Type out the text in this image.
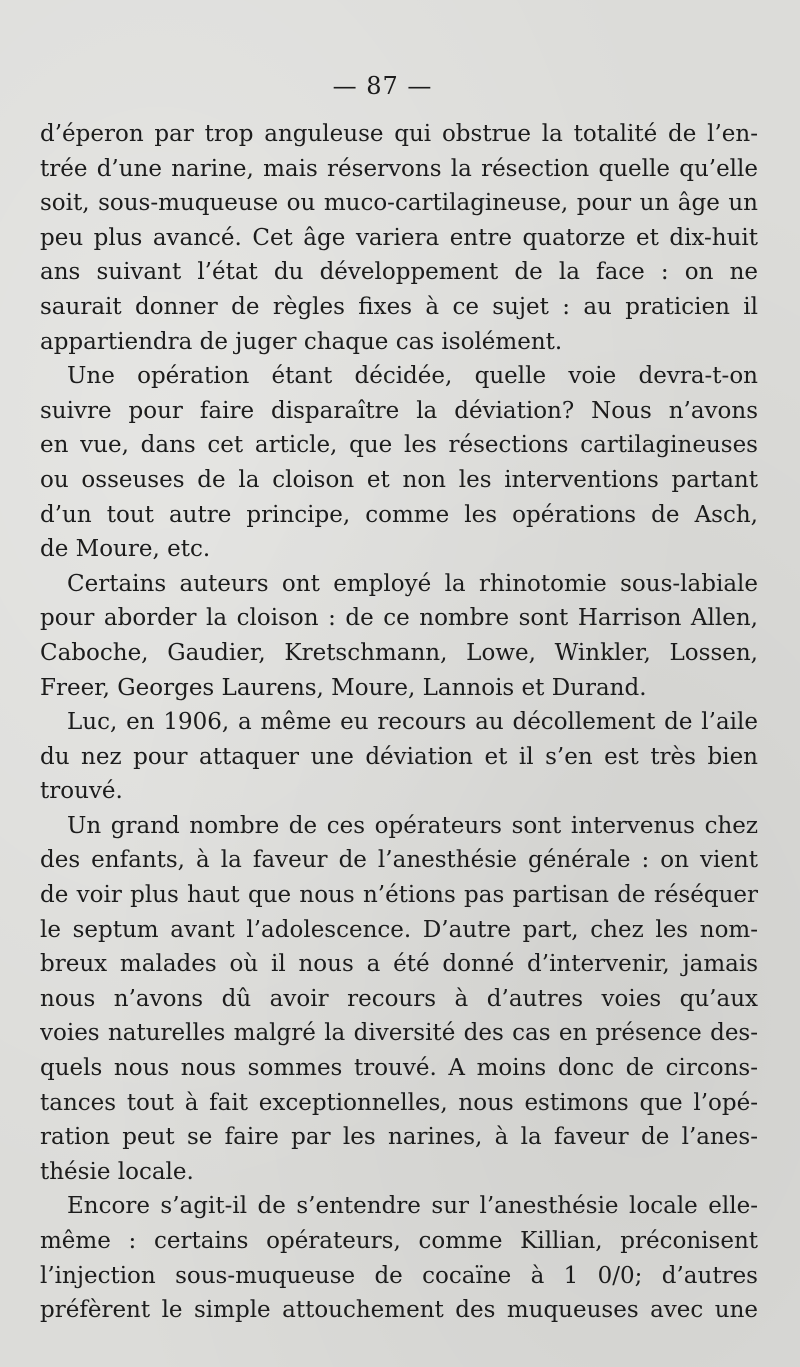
— 87 —
d’éperon par trop anguleuse qui obstrue la totalité de l’en-
trée d’une narine, mais réservons la résection quelle qu’elle
soit, sous-muqueuse ou muco-cartilagineuse, pour un âge un
peu plus avancé. Cet âge variera entre quatorze et dix-huit
ans suivant l’état du développement de la face : on ne
saurait donner de règles fixes à ce sujet : au praticien il
appartiendra de juger chaque cas isolément.
Une opération étant décidée, quelle voie devra-t-on
suivre pour faire disparaître la déviation? Nous n’avons
en vue, dans cet article, que les résections cartilagineuses
ou osseuses de la cloison et non les interventions partant
d’un tout autre principe, comme les opérations de Asch,
de Moure, etc.
Certains auteurs ont employé la rhinotomie sous-labiale
pour aborder la cloison : de ce nombre sont Harrison Allen,
Caboche, Gaudier, Kretschmann, Lowe, Winkler, Lossen,
Freer, Georges Laurens, Moure, Lannois et Durand.
Luc, en 1906, a même eu recours au décollement de l’aile
du nez pour attaquer une déviation et il s’en est très bien
trouvé.
Un grand nombre de ces opérateurs sont intervenus chez
des enfants, à la faveur de l’anesthésie générale : on vient
de voir plus haut que nous n’étions pas partisan de réséquer
le septum avant l’adolescence. D’autre part, chez les nom-
breux malades où il nous a été donné d’intervenir, jamais
nous n’avons dû avoir recours à d’autres voies qu’aux
voies naturelles malgré la diversité des cas en présence des-
quels nous nous sommes trouvé. A moins donc de circons-
tances tout à fait exceptionnelles, nous estimons que l’opé-
ration peut se faire par les narines, à la faveur de l’anes-
thésie locale.
Encore s’agit-il de s’entendre sur l’anesthésie locale elle-
même : certains opérateurs, comme Killian, préconisent
l’injection sous-muqueuse de cocaïne à 1 0/0; d’autres
préfèrent le simple attouchement des muqueuses avec une
